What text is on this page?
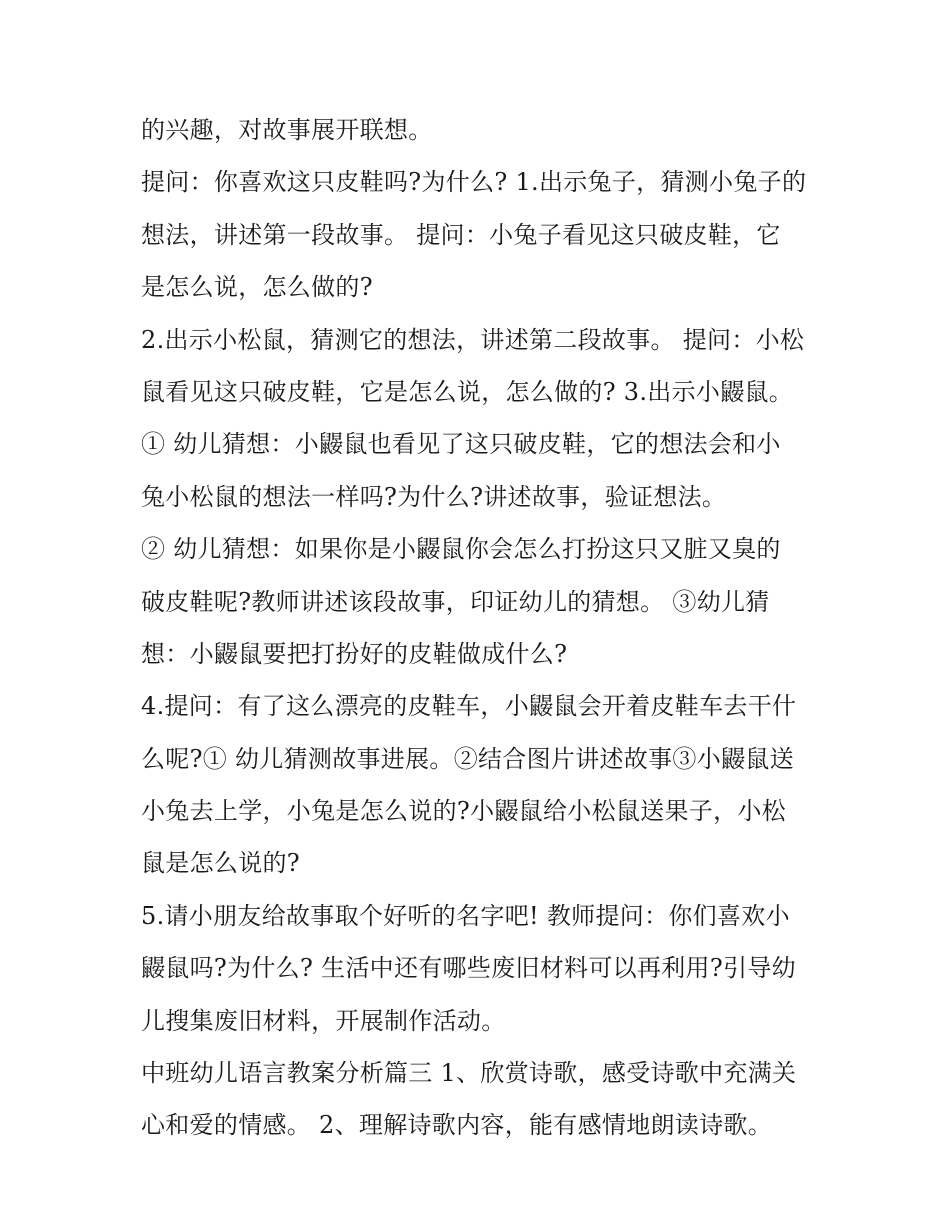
的兴趣，对故事展开联想。
提问：你喜欢这只皮鞋吗?为什么? 1.出示兔子，猜测小兔子的
想法，讲述第一段故事。 提问：小兔子看见这只破皮鞋，它
是怎么说，怎么做的?
2.出示小松鼠，猜测它的想法，讲述第二段故事。 提问：小松
鼠看见这只破皮鞋，它是怎么说，怎么做的? 3.出示小鼹鼠。
① 幼儿猜想：小鼹鼠也看见了这只破皮鞋，它的想法会和小
兔小松鼠的想法一样吗?为什么?讲述故事，验证想法。
② 幼儿猜想：如果你是小鼹鼠你会怎么打扮这只又脏又臭的
破皮鞋呢?教师讲述该段故事，印证幼儿的猜想。 ③幼儿猜
想：小鼹鼠要把打扮好的皮鞋做成什么?
4.提问：有了这么漂亮的皮鞋车，小鼹鼠会开着皮鞋车去干什
么呢?① 幼儿猜测故事进展。②结合图片讲述故事③小鼹鼠送
小兔去上学，小兔是怎么说的?小鼹鼠给小松鼠送果子，小松
鼠是怎么说的?
5.请小朋友给故事取个好听的名字吧! 教师提问：你们喜欢小
鼹鼠吗?为什么? 生活中还有哪些废旧材料可以再利用?引导幼
儿搜集废旧材料，开展制作活动。
中班幼儿语言教案分析篇三 1、欣赏诗歌，感受诗歌中充满关
心和爱的情感。 2、理解诗歌内容，能有感情地朗读诗歌。
